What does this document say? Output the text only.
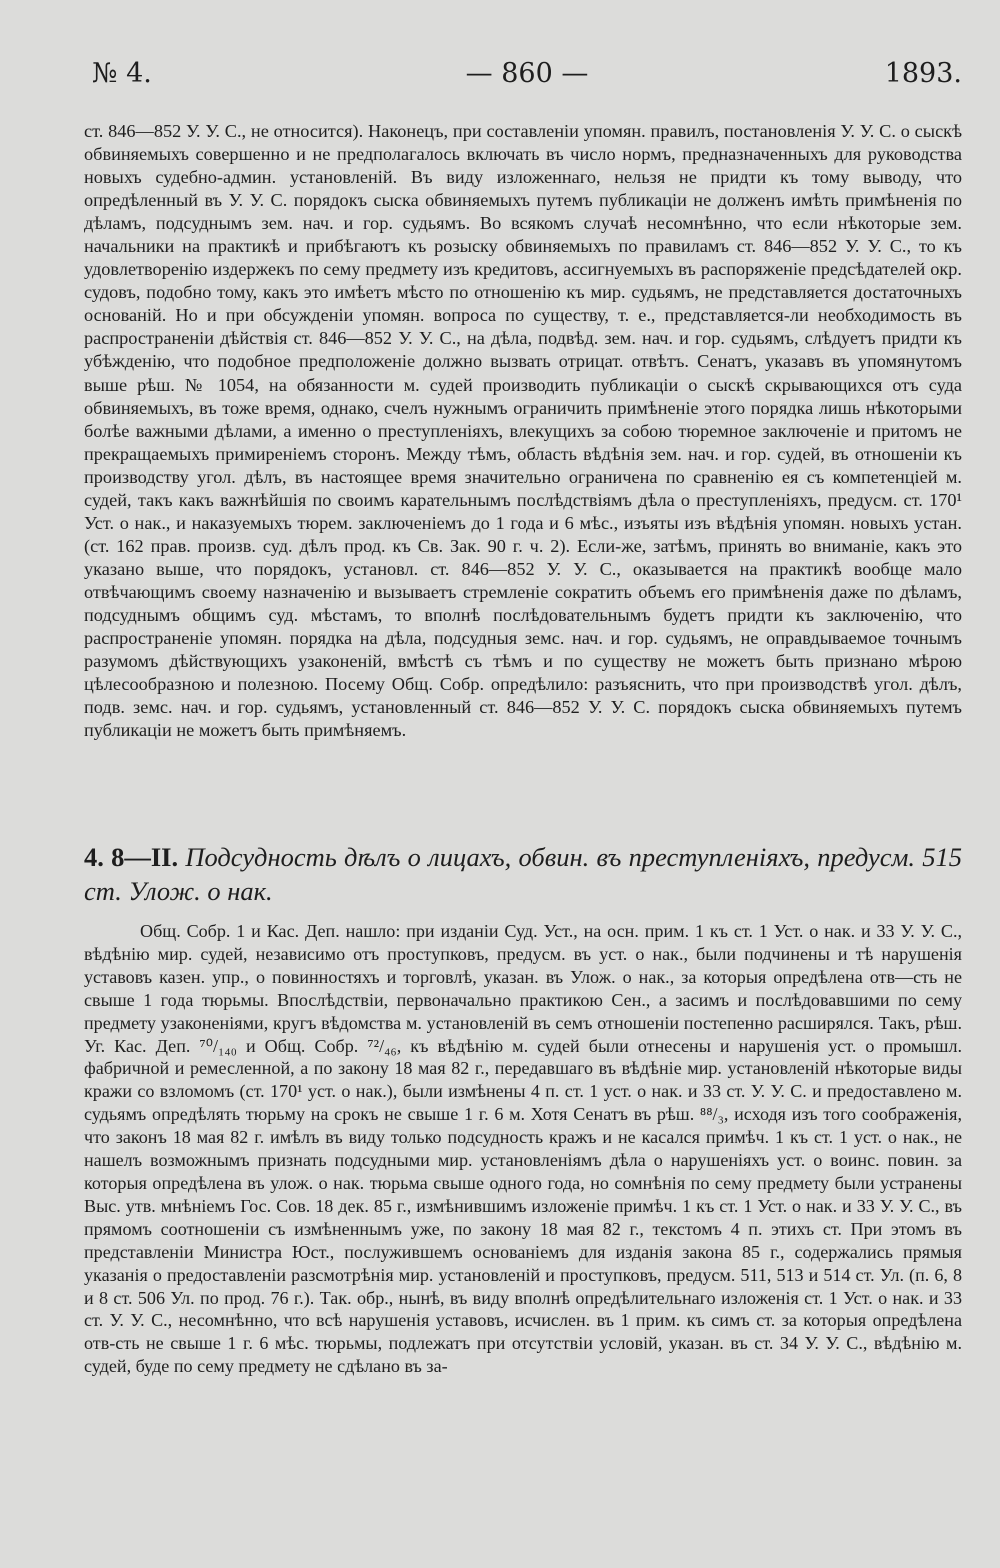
№ 4.	— 860 —	1893.

ст. 846—852 У. У. С., не относится). Наконецъ, при составленіи упомян. правилъ, постановленія У. У. С. о сыскѣ обвиняемыхъ совершенно и не предполагалось включать въ число нормъ, предназначенныхъ для руководства новыхъ судебно-админ. установленій. Въ виду изложеннаго, нельзя не придти къ тому выводу, что опредѣленный въ У. У. С. порядокъ сыска обвиняемыхъ путемъ публикаціи не долженъ имѣть примѣненія по дѣламъ, подсуднымъ зем. нач. и гор. судьямъ. Во всякомъ случаѣ несомнѣнно, что если нѣкоторые зем. начальники на практикѣ и прибѣгаютъ къ розыску обвиняемыхъ по правиламъ ст. 846—852 У. У. С., то къ удовлетворенію издержекъ по сему предмету изъ кредитовъ, ассигнуемыхъ въ распоряженіе предсѣдателей окр. судовъ, подобно тому, какъ это имѣетъ мѣсто по отношенію къ мир. судьямъ, не представляется достаточныхъ основаній. Но и при обсужденіи упомян. вопроса по существу, т. е., представляется-ли необходимость въ распространеніи дѣйствія ст. 846—852 У. У. С., на дѣла, подвѣд. зем. нач. и гор. судьямъ, слѣдуетъ придти къ убѣжденію, что подобное предположеніе должно вызвать отрицат. отвѣтъ. Сенатъ, указавъ въ упомянутомъ выше рѣш. № 1054, на обязанности м. судей производить публикаціи о сыскѣ скрывающихся отъ суда обвиняемыхъ, въ тоже время, однако, счелъ нужнымъ ограничить примѣненіе этого порядка лишь нѣкоторыми болѣе важными дѣлами, а именно о преступленіяхъ, влекущихъ за собою тюремное заключеніе и притомъ не прекращаемыхъ примиреніемъ сторонъ. Между тѣмъ, область вѣдѣнія зем. нач. и гор. судей, въ отношеніи къ производству угол. дѣлъ, въ настоящее время значительно ограничена по сравненію ея съ компетенціей м. судей, такъ какъ важнѣйшія по своимъ карательнымъ послѣдствіямъ дѣла о преступленіяхъ, предусм. ст. 170¹ Уст. о нак., и наказуемыхъ тюрем. заключеніемъ до 1 года и 6 мѣс., изъяты изъ вѣдѣнія упомян. новыхъ устан. (ст. 162 прав. произв. суд. дѣлъ прод. къ Св. Зак. 90 г. ч. 2). Если-же, затѣмъ, принять во вниманіе, какъ это указано выше, что порядокъ, установл. ст. 846—852 У. У. С., оказывается на практикѣ вообще мало отвѣчающимъ своему назначенію и вызываетъ стремленіе сократить объемъ его примѣненія даже по дѣламъ, подсуднымъ общимъ суд. мѣстамъ, то вполнѣ послѣдовательнымъ будетъ придти къ заключенію, что распространеніе упомян. порядка на дѣла, подсудныя земс. нач. и гор. судьямъ, не оправдываемое точнымъ разумомъ дѣйствующихъ узаконеній, вмѣстѣ съ тѣмъ и по существу не можетъ быть признано мѣрою цѣлесообразною и полезною. Посему Общ. Собр. опредѣлило: разъяснить, что при производствѣ угол. дѣлъ, подв. земс. нач. и гор. судьямъ, установленный ст. 846—852 У. У. С. порядокъ сыска обвиняемыхъ путемъ публикаціи не можетъ быть примѣняемъ.

4. 8—II. Подсудность дѣлъ о лицахъ, обвин. въ преступленіяхъ, предусм. 515 ст. Улож. о нак.

Общ. Собр. 1 и Кас. Деп. нашло: при изданіи Суд. Уст., на осн. прим. 1 къ ст. 1 Уст. о нак. и 33 У. У. С., вѣдѣнію мир. судей, независимо отъ проступковъ, предусм. въ уст. о нак., были подчинены и тѣ нарушенія уставовъ казен. упр., о повинностяхъ и торговлѣ, указан. въ Улож. о нак., за которыя опредѣлена отв—сть не свыше 1 года тюрьмы. Впослѣдствіи, первоначально практикою Сен., а засимъ и послѣдовавшими по сему предмету узаконеніями, кругъ вѣдомства м. установленій въ семъ отношеніи постепенно расширялся. Такъ, рѣш. Уг. Кас. Деп. ⁷⁰/₁₄₀ и Общ. Собр. ⁷²/₄₆, къ вѣдѣнію м. судей были отнесены и нарушенія уст. о промышл. фабричной и ремесленной, а по закону 18 мая 82 г., передавшаго въ вѣдѣніе мир. установленій нѣкоторые виды кражи со взломомъ (ст. 170¹ уст. о нак.), были измѣнены 4 п. ст. 1 уст. о нак. и 33 ст. У. У. С. и предоставлено м. судьямъ опредѣлять тюрьму на срокъ не свыше 1 г. 6 м. Хотя Сенатъ въ рѣш. ⁸⁸/₃, исходя изъ того соображенія, что законъ 18 мая 82 г. имѣлъ въ виду только подсудность кражъ и не касался примѣч. 1 къ ст. 1 уст. о нак., не нашелъ возможнымъ признать подсудными мир. установленіямъ дѣла о нарушеніяхъ уст. о воинс. повин. за которыя опредѣлена въ улож. о нак. тюрьма свыше одного года, но сомнѣнія по сему предмету были устранены Выс. утв. мнѣніемъ Гос. Сов. 18 дек. 85 г., измѣнившимъ изложеніе примѣч. 1 къ ст. 1 Уст. о нак. и 33 У. У. С., въ прямомъ соотношеніи съ измѣненнымъ уже, по закону 18 мая 82 г., текстомъ 4 п. этихъ ст. При этомъ въ представленіи Министра Юст., послужившемъ основаніемъ для изданія закона 85 г., содержались прямыя указанія о предоставленіи разсмотрѣнія мир. установленій и проступковъ, предусм. 511, 513 и 514 ст. Ул. (п. 6, 8 и 8 ст. 506 Ул. по прод. 76 г.). Так. обр., нынѣ, въ виду вполнѣ опредѣлительнаго изложенія ст. 1 Уст. о нак. и 33 ст. У. У. С., несомнѣнно, что всѣ нарушенія уставовъ, исчислен. въ 1 прим. къ симъ ст. за которыя опредѣлена отв-сть не свыше 1 г. 6 мѣс. тюрьмы, подлежатъ при отсутствіи условій, указан. въ ст. 34 У. У. С., вѣдѣнію м. судей, буде по сему предмету не сдѣлано въ за-
